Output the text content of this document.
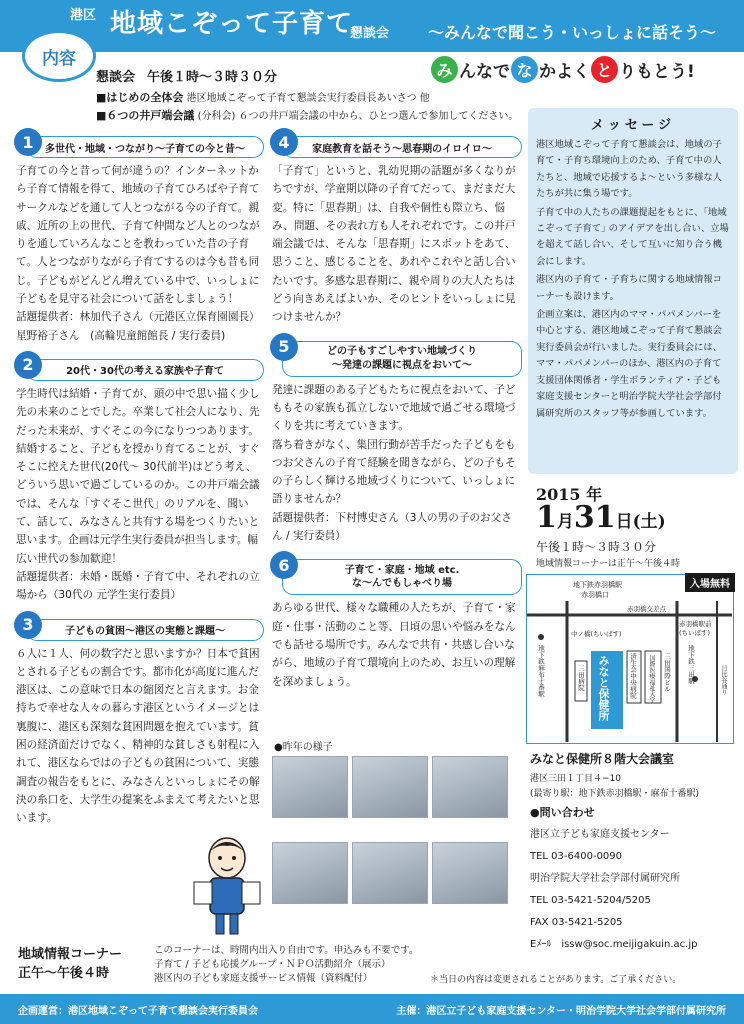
港区 地域こぞって子育て
懇談会 〜みんなで聞こう・いっしょに話そう〜
内容
懇談会 午後１時〜３時３０分
■はじめの全体会 港区地域こぞって子育て懇談会実行委員長あいさつ 他
■６つの井戸端会議 (分科会) ６つの井戸端会議の中から、ひとつ選んで参加してください。
み んなで な かよく と りもとう!
多世代・地域・つながり〜子育ての今と昔〜
1

子育ての今と昔って何が違うの？インターネットから子育て情報を得て、地域の子育てひろばや子育てサークルなどを通して人とつながる今の子育て。親戚、近所の上の世代、子育て仲間など人とのつながりを通していろんなことを教わっていた昔の子育て。人とつながりながら子育てするのは今も昔も同じ。子どもがどんどん増えている中で、いっしょに子どもを見守る社会について話をしましょう！

話題提供者：林加代子さん（元港区立保育園園長）

星野裕子さん　(高輪児童館館長 / 実行委員)

20代・30代の考える家族や子育て
2

学生時代は結婚・子育てが、頭の中で思い描く少し先の未来のことでした。卒業して社会人になり、先だった未来が、すぐそこの今になりつつあります。結婚すること、子どもを授かり育てることが、すぐそこに控えた世代(20代〜 30代前半)はどう考え、どういう思いで過ごしているのか。この井戸端会議では、そんな「すぐそこ世代」のリアルを、聞いて、話して、みなさんと共有する場をつくりたいと思います。企画は元学生実行委員が担当します。幅広い世代の参加歓迎！

話題提供者：未婚・既婚・子育て中、それぞれの立場から（30代の 元学生実行委員）

子どもの貧困〜港区の実態と課題〜
3

６人に１人、何の数字だと思いますか？日本で貧困とされる子どもの割合です。都市化が高度に進んだ港区は、この意味で日本の縮図だと言えます。お金持ちで幸せな人々の暮らす港区というイメージとは裏腹に、港区も深刻な貧困問題を抱えています。貧困の経済面だけでなく、精神的な貧しさも射程に入れて、港区ならではの子どもの貧困について、実態調査の報告をもとに、みなさんといっしょにその解決の糸口を、大学生の提案をふまえて考えたいと思います。

家庭教育を話そう〜思春期のイロイロ〜
4

「子育て」というと、乳幼児期の話題が多くなりがちですが、学童期以降の子育てだって、まだまだ大変。特に「思春期」は、自我や個性も際立ち、悩み、問題、その表れ方も人それぞれです。この井戸端会議では、そんな「思春期」にスポットをあて、思うこと、感じることを、あれやこれやと話し合いたいです。多感な思春期に、親や周りの大人たちはどう向きあえばよいか、そのヒントをいっしょに見つけませんか？

どの子もすごしやすい地域づくり
〜発達の課題に視点をおいて〜
5

発達に課題のある子どもたちに視点をおいて、子どももその家族も孤立しないで地域で過ごせる環境づくりを共に考えていきます。

落ち着きがなく、集団行動が苦手だった子どもをもつお父さんの子育て経験を聞きながら、どの子もその子らしく輝ける地域づくりについて、いっしょに語りませんか？

話題提供者：下村博史さん（3人の男の子のお父さん / 実行委員）

子育て・家庭・地域 etc.
な〜んでもしゃべり場
6

あらゆる世代、様々な職種の人たちが、子育て・家庭・仕事・活動のこと等、日頃の思いや悩みをなんでも話せる場所です。みんなで共有・共感し合いながら、地域の子育て環境向上のため、お互いの理解を深めましょう。

●昨年の様子
メッセージ

港区地域こぞって子育て懇談会は、地域の子育て・子育ち環境向上のため、子育て中の人たちと、地域で応援するよ〜という多様な人たちが共に集う場です。

子育て中の人たちの課題提起をもとに、｢地域こぞって子育て｣ のアイデアを出し合い、立場を超えて話し合い、そして互いに知り合う機会にします。

港区内の子育て・子育ちに関する地域情報コーナーも設けます。

企画立案は、港区内のママ・パパメンバーを中心とする、港区地域こぞって子育て懇談会実行委員会が行いました。実行委員会には、ママ・パパメンバーのほか、港区内の子育て支援団体関係者・学生ボランティア・子ども家庭支援センターと明治学院大学社会学部付属研究所のスタッフ等が参画しています。

2015 年
1月31日(土)
午後１時〜３時３０分
地域情報コーナーは正午〜午後４時
入場無料
地下鉄赤羽橋駅
赤羽橋口
赤羽橋交差点
赤羽橋駅前
(ちいばす)
中ノ橋(ちいばす)
みなと保健所	済生会中央病院 国際医療福祉大学
三田病院	三田国際ビル
地下鉄麻布十番駅	地下鉄三田駅	日比谷通り
みなと保健所８階大会議室
港区三田１丁目４−10
(最寄り駅：地下鉄赤羽橋駅・麻布十番駅)
●問い合わせ
港区立子ども家庭支援センター
TEL 03-6400-0090
明治学院大学社会学部付属研究所
TEL 03-5421-5204/5205
FAX 03-5421-5205
Eﾒｰﾙ　issw@soc.meijigakuin.ac.jp
地域情報コーナー
正午〜午後４時
このコーナーは、時間内出入り自由です。申込みも不要です。
子育て / 子ども応援グループ・ＮＰＯ活動紹介（展示）
港区内の子ども家庭支援サービス情報（資料配付）	＊当日の内容は変更されることがあります。ご了承ください。
企画運営：港区地域こぞって子育て懇談会実行委員会	主催：港区立子ども家庭支援センター・明治学院大学社会学部付属研究所
